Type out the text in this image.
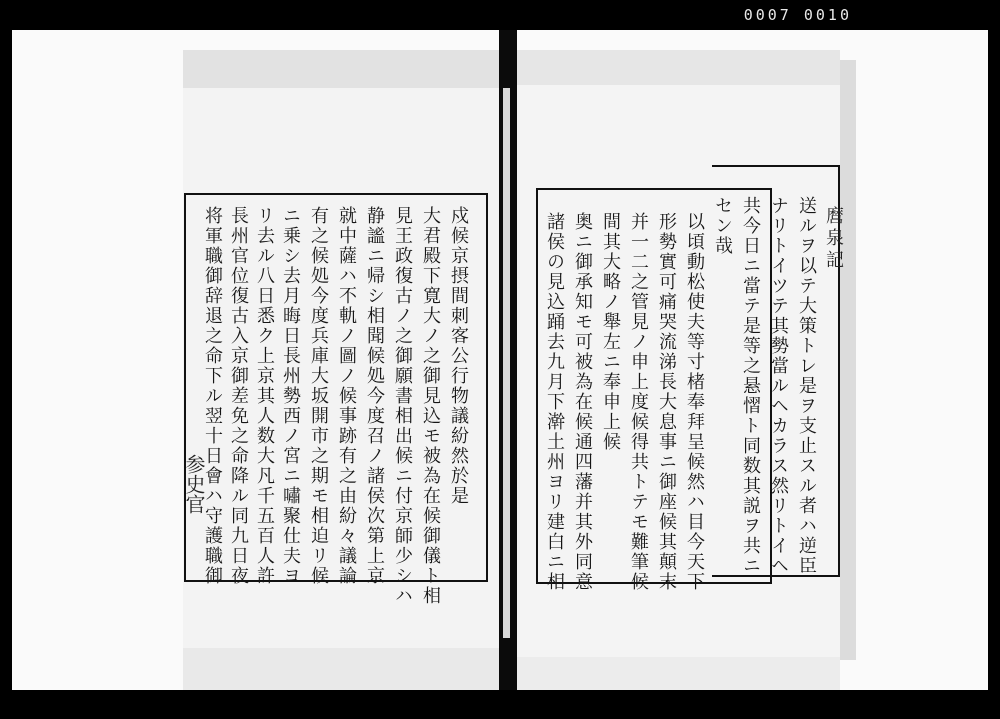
0007 0010
戍候京摂間刺客公行物議紛然於是
大君殿下寛大ノ之御見込モ被為在候御儀ト相
見王政復古ノ之御願書相出候ニ付京師少シハ
静謐ニ帰シ相聞候処今度召ノ諸侯次第上京
就中薩ハ不軌ノ圖ノ候事跡有之由紛々議論
有之候処今度兵庫大坂開市之期モ相迫リ候
ニ乗シ去月晦日長州勢西ノ宮ニ嘯聚仕夫ヨ
リ去ル八日悉ク上京其人数大凡千五百人許
長州官位復古入京御差免之命降ル同九日夜
将軍職御辞退之命下ル翌十日會ハ守護職御
参史官	以頃動松使夫等寸楮奉拜呈候然ハ目今天下
形勢實可痛哭流涕長大息事ニ御座候其顛末
并一二之管見ノ申上度候得共トテモ難筆候
間其大略ノ舉左ニ奉申上候
奥ニ御承知モ可被為在候通四藩并其外同意
諸侯の見込踊去九月下澣土州ヨリ建白ニ相	送ルヲ以テ大策トレ是ヲ支止スル者ハ逆臣
ナリトイツテ其勢當ルヘカラス然リトイヘ
共今日ニ當テ是等之悬慴ト同数其説ヲ共ニ
セン哉	麿泉記
